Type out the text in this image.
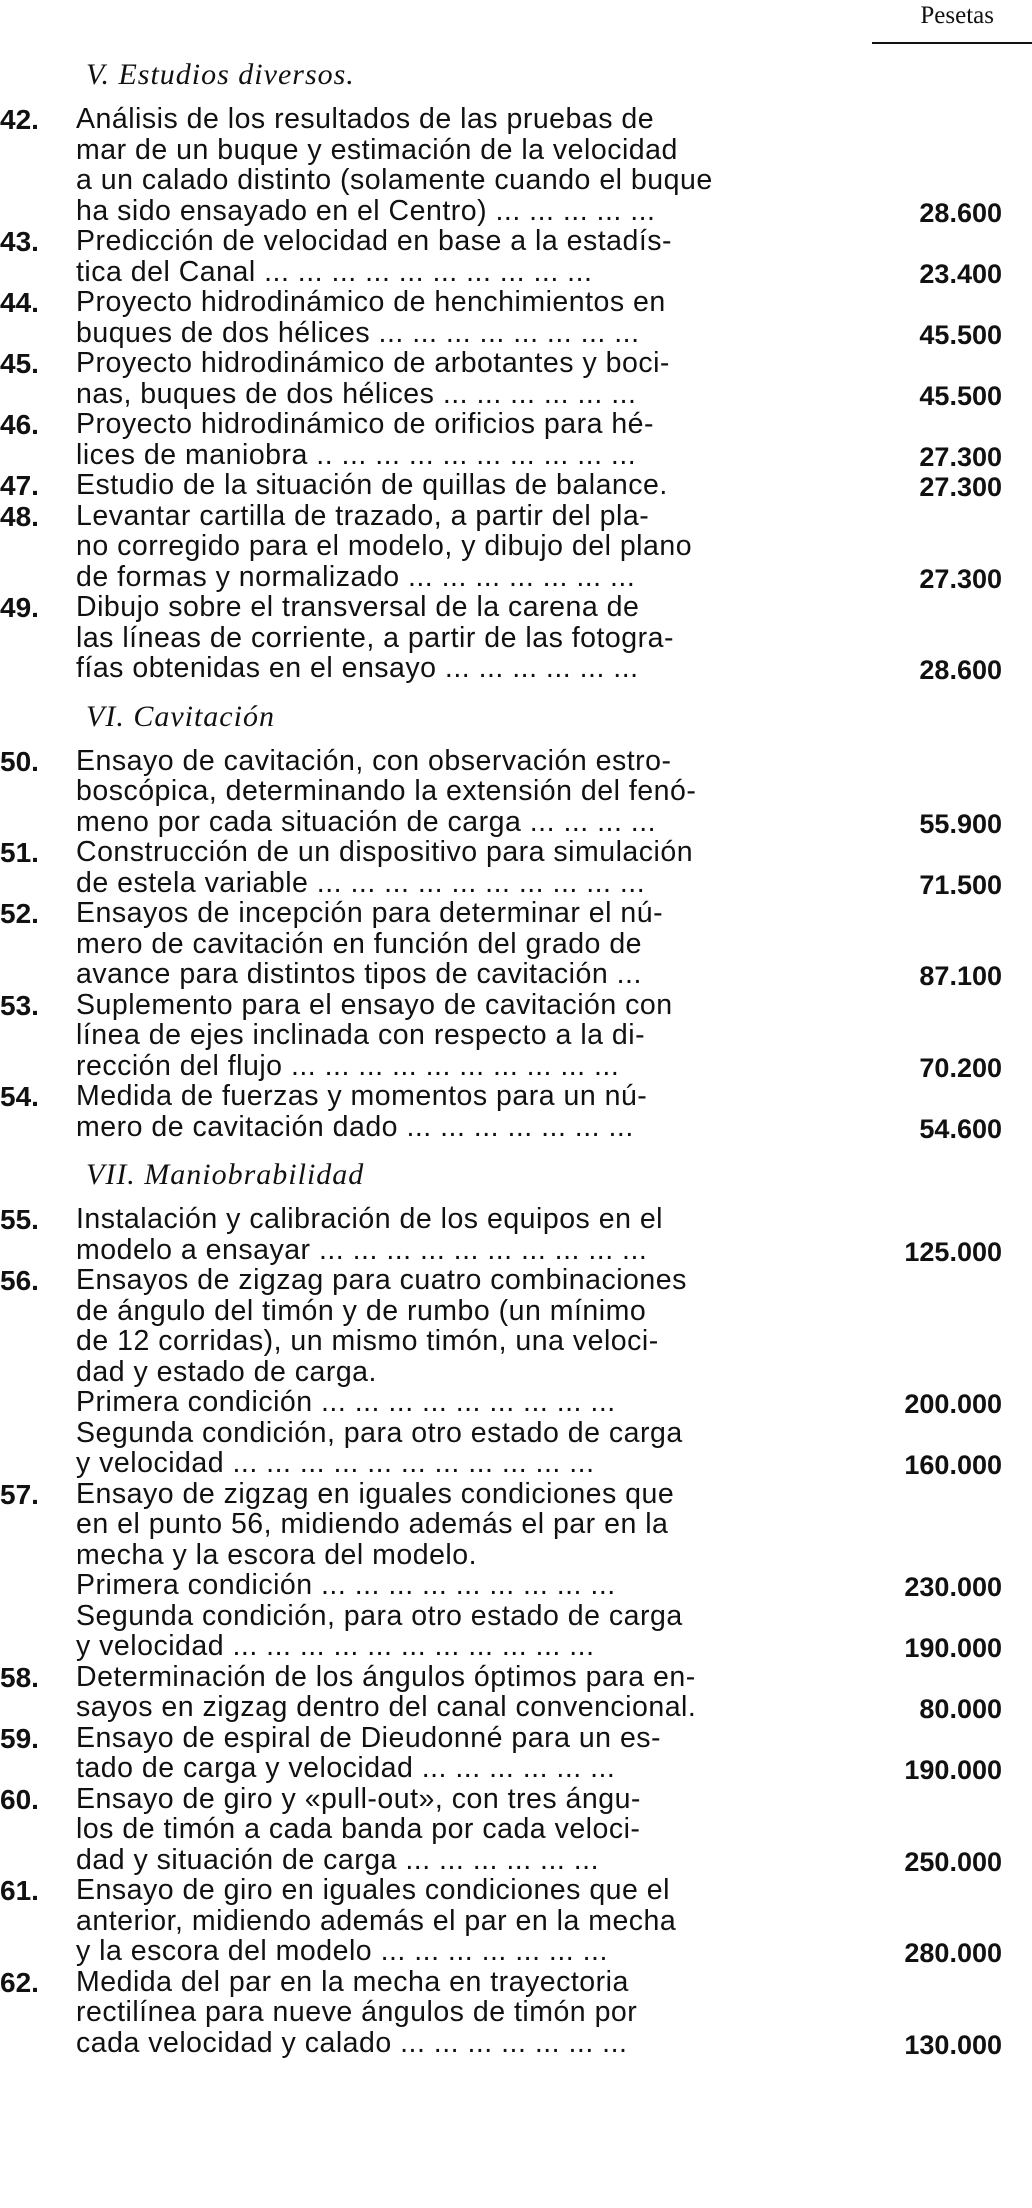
Pesetas
V. Estudios diversos.
42.	Análisis de los resultados de las pruebas de
mar de un buque y estimación de la velocidad
a un calado distinto (solamente cuando el buque
ha sido ensayado en el Centro) ... ... ... ... ...	28.600
43.	Predicción de velocidad en base a la estadís-
tica del Canal ... ... ... ... ... ... ... ... ... ...	23.400
44.	Proyecto hidrodinámico de henchimientos en
buques de dos hélices ... ... ... ... ... ... ... ...	45.500
45.	Proyecto hidrodinámico de arbotantes y boci-
nas, buques de dos hélices ... ... ... ... ... ...	45.500
46.	Proyecto hidrodinámico de orificios para hé-
lices de maniobra .. ... ... ... ... ... ... ... ... ...	27.300
47.	Estudio de la situación de quillas de balance.	27.300
48.	Levantar cartilla de trazado, a partir del pla-
no corregido para el modelo, y dibujo del plano
de formas y normalizado ... ... ... ... ... ... ...	27.300
49.	Dibujo sobre el transversal de la carena de
las líneas de corriente, a partir de las fotogra-
fías obtenidas en el ensayo ... ... ... ... ... ...	28.600
VI. Cavitación
50.	Ensayo de cavitación, con observación estro-
boscópica, determinando la extensión del fenó-
meno por cada situación de carga ... ... ... ...	55.900
51.	Construcción de un dispositivo para simulación
de estela variable ... ... ... ... ... ... ... ... ... ...	71.500
52.	Ensayos de incepción para determinar el nú-
mero de cavitación en función del grado de
avance para distintos tipos de cavitación ...	87.100
53.	Suplemento para el ensayo de cavitación con
línea de ejes inclinada con respecto a la di-
rección del flujo ... ... ... ... ... ... ... ... ... ...	70.200
54.	Medida de fuerzas y momentos para un nú-
mero de cavitación dado ... ... ... ... ... ... ...	54.600
VII. Maniobrabilidad
55.	Instalación y calibración de los equipos en el
modelo a ensayar ... ... ... ... ... ... ... ... ... ...	125.000
56.	Ensayos de zigzag para cuatro combinaciones
de ángulo del timón y de rumbo (un mínimo
de 12 corridas), un mismo timón, una veloci-
dad y estado de carga.
Primera condición ... ... ... ... ... ... ... ... ...	200.000
Segunda condición, para otro estado de carga
y velocidad ... ... ... ... ... ... ... ... ... ... ...	160.000
57.	Ensayo de zigzag en iguales condiciones que
en el punto 56, midiendo además el par en la
mecha y la escora del modelo.
Primera condición ... ... ... ... ... ... ... ... ...	230.000
Segunda condición, para otro estado de carga
y velocidad ... ... ... ... ... ... ... ... ... ... ...	190.000
58.	Determinación de los ángulos óptimos para en-
sayos en zigzag dentro del canal convencional.	80.000
59.	Ensayo de espiral de Dieudonné para un es-
tado de carga y velocidad ... ... ... ... ... ...	190.000
60.	Ensayo de giro y «pull-out», con tres ángu-
los de timón a cada banda por cada veloci-
dad y situación de carga ... ... ... ... ... ...	250.000
61.	Ensayo de giro en iguales condiciones que el
anterior, midiendo además el par en la mecha
y la escora del modelo ... ... ... ... ... ... ...	280.000
62.	Medida del par en la mecha en trayectoria
rectilínea para nueve ángulos de timón por
cada velocidad y calado ... ... ... ... ... ... ...	130.000
